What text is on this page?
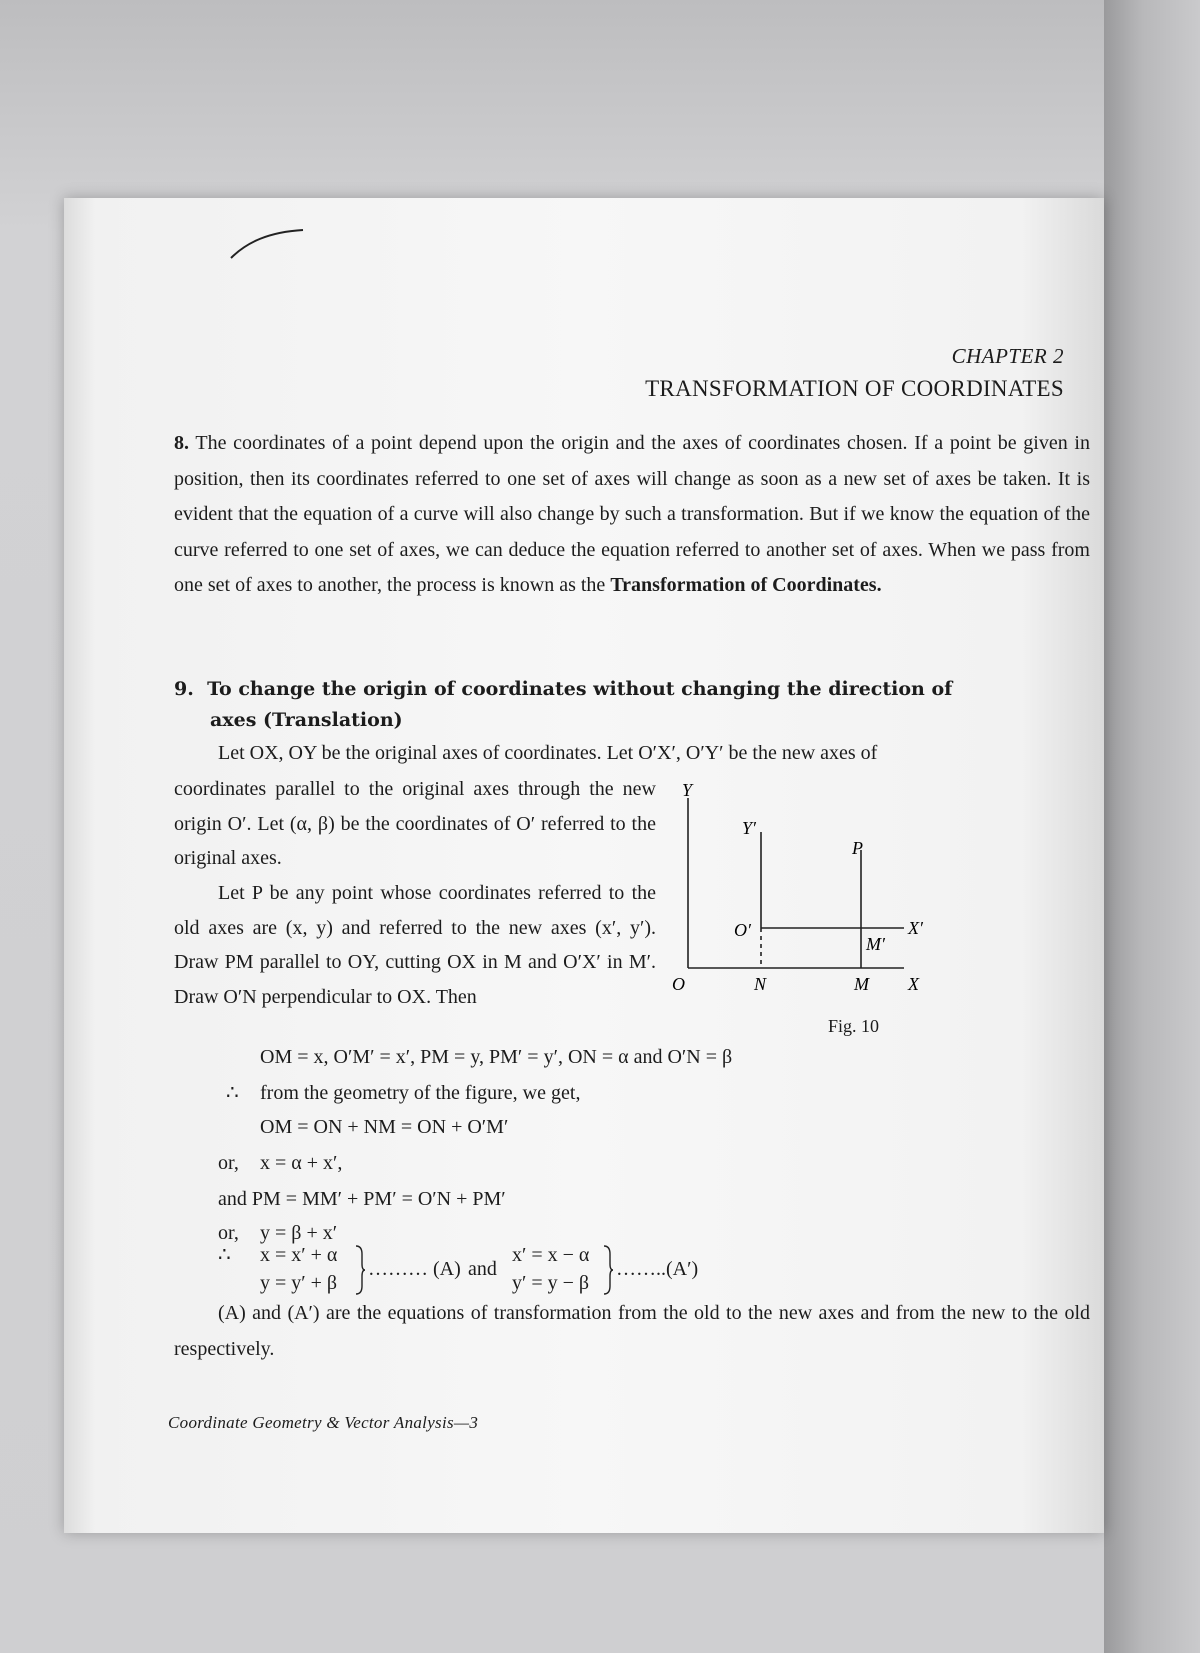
CHAPTER 2
TRANSFORMATION OF COORDINATES
8. The coordinates of a point depend upon the origin and the axes of coordinates chosen. If a point be given in position, then its coordinates referred to one set of axes will change as soon as a new set of axes be taken. It is evident that the equation of a curve will also change by such a transformation. But if we know the equation of the curve referred to one set of axes, we can deduce the equation referred to another set of axes. When we pass from one set of axes to another, the process is known as the Transformation of Coordinates.
9. To change the origin of coordinates without changing the direction of
axes (Translation)
Let OX, OY be the original axes of coordinates. Let O′X′, O′Y′ be the new axes of
coordinates parallel to the original axes through the new origin O′. Let (α, β) be the coordinates of O′ referred to the original axes.
Let P be any point whose coordinates referred to the old axes are (x, y) and referred to the new axes (x′, y′). Draw PM parallel to OY, cutting OX in M and O′X′ in M′. Draw O′N perpendicular to OX. Then
Y
Y′
P
O′	X′
M′
O	N	M X
Fig. 10
OM = x, O′M′ = x′, PM = y, PM′ = y′, ON = α and O′N = β
∴ from the geometry of the figure, we get,
OM = ON + NM = ON + O′M′
or, x = α + x′,
and PM = MM′ + PM′ = O′N + PM′
or, y = β + x′
∴ x = x′ + α
y = y′ + β
……… (A) and
x′ = x − α
y′ = y − β
……..(A′)
(A) and (A′) are the equations of transformation from the old to the new axes and from the new to the old respectively.
Coordinate Geometry & Vector Analysis—3
